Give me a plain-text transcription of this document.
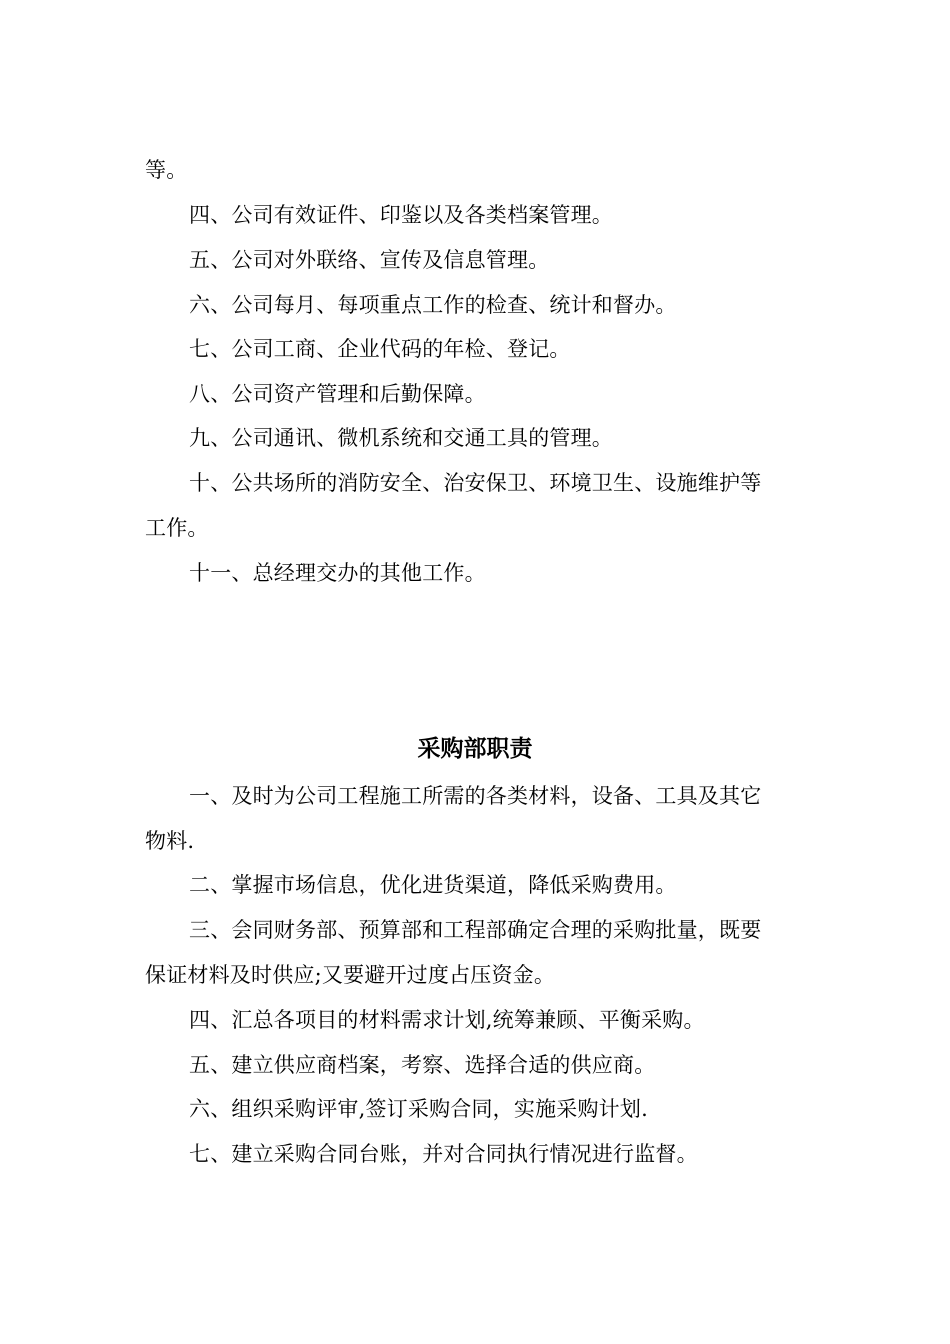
等。
四、公司有效证件、印鉴以及各类档案管理。
五、公司对外联络、宣传及信息管理。
六、公司每月、每项重点工作的检查、统计和督办。
七、公司工商、企业代码的年检、登记。
八、公司资产管理和后勤保障。
九、公司通讯、微机系统和交通工具的管理。
十、公共场所的消防安全、治安保卫、环境卫生、设施维护等
工作。
十一、总经理交办的其他工作。
采购部职责
一、及时为公司工程施工所需的各类材料，设备、工具及其它
物料.
二、掌握市场信息，优化进货渠道，降低采购费用。
三、会同财务部、预算部和工程部确定合理的采购批量，既要
保证材料及时供应;又要避开过度占压资金。
四、汇总各项目的材料需求计划,统筹兼顾、平衡采购。
五、建立供应商档案，考察、选择合适的供应商。
六、组织采购评审,签订采购合同，实施采购计划.
七、建立采购合同台账，并对合同执行情况进行监督。
